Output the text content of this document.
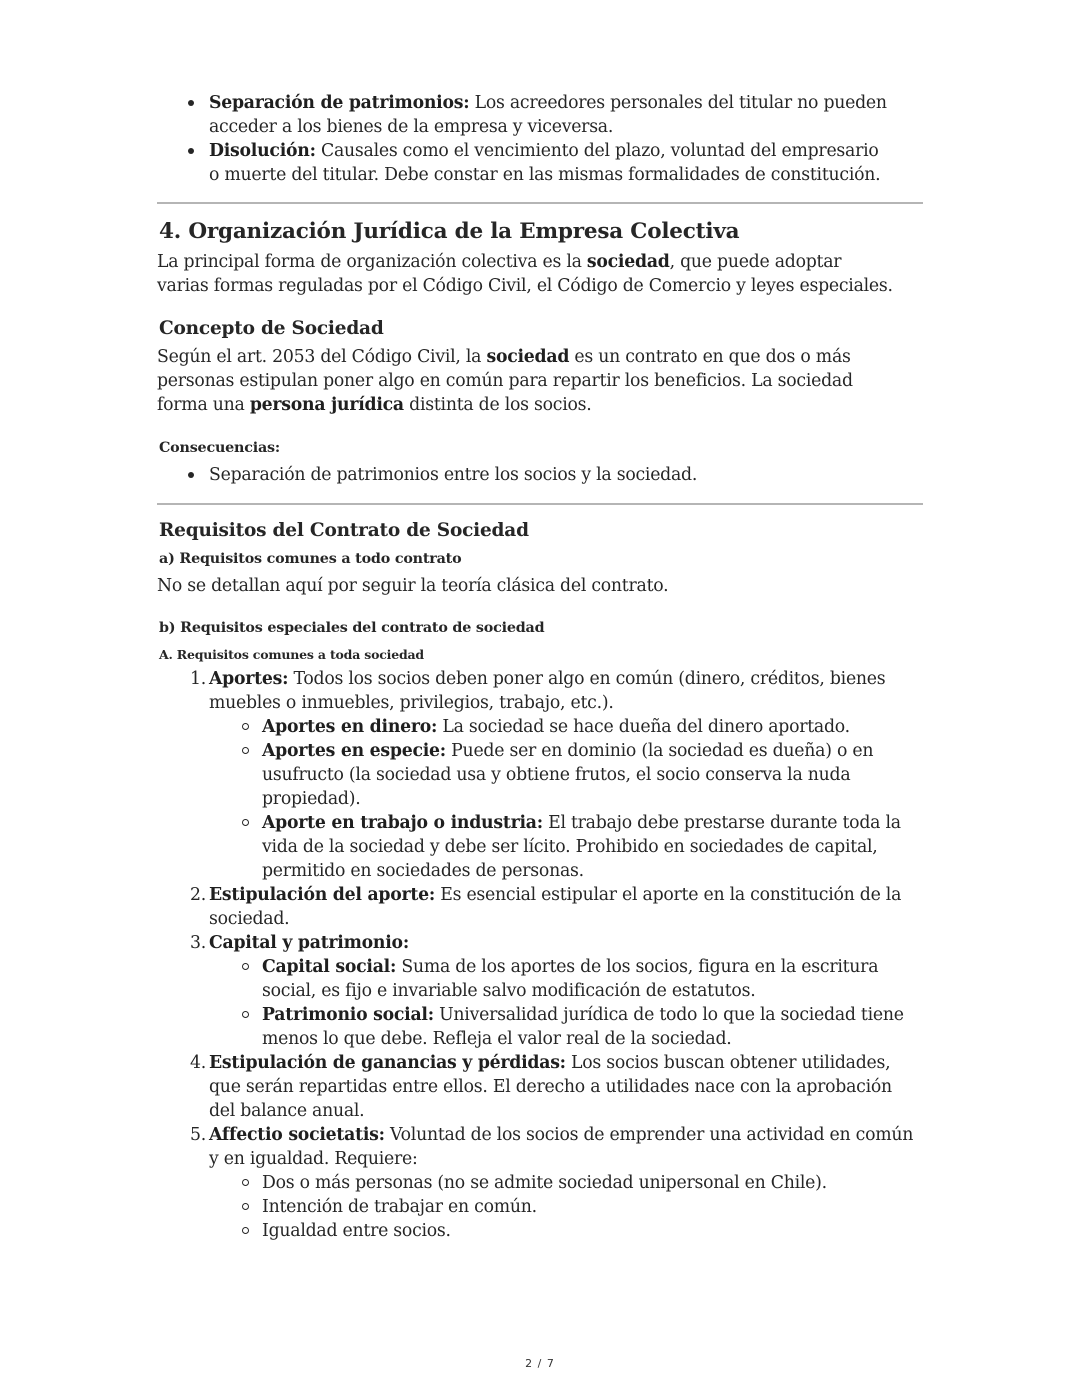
Separación de patrimonios: Los acreedores personales del titular no pueden acceder a los bienes de la empresa y viceversa.
Disolución: Causales como el vencimiento del plazo, voluntad del empresario o muerte del titular. Debe constar en las mismas formalidades de constitución.
4. Organización Jurídica de la Empresa Colectiva

La principal forma de organización colectiva es la sociedad, que puede adoptar varias formas reguladas por el Código Civil, el Código de Comercio y leyes especiales.

Concepto de Sociedad

Según el art. 2053 del Código Civil, la sociedad es un contrato en que dos o más personas estipulan poner algo en común para repartir los beneficios. La sociedad forma una persona jurídica distinta de los socios.

Consecuencias:
Separación de patrimonios entre los socios y la sociedad.
Requisitos del Contrato de Sociedad
a) Requisitos comunes a todo contrato

No se detallan aquí por seguir la teoría clásica del contrato.

b) Requisitos especiales del contrato de sociedad
A. Requisitos comunes a toda sociedad
1. Aportes: Todos los socios deben poner algo en común (dinero, créditos, bienes muebles o inmuebles, privilegios, trabajo, etc.).
Aportes en dinero: La sociedad se hace dueña del dinero aportado.
Aportes en especie: Puede ser en dominio (la sociedad es dueña) o en usufructo (la sociedad usa y obtiene frutos, el socio conserva la nuda propiedad).
Aporte en trabajo o industria: El trabajo debe prestarse durante toda la vida de la sociedad y debe ser lícito. Prohibido en sociedades de capital, permitido en sociedades de personas.
2. Estipulación del aporte: Es esencial estipular el aporte en la constitución de la sociedad.
3. Capital y patrimonio:
Capital social: Suma de los aportes de los socios, figura en la escritura social, es fijo e invariable salvo modificación de estatutos.
Patrimonio social: Universalidad jurídica de todo lo que la sociedad tiene menos lo que debe. Refleja el valor real de la sociedad.
4. Estipulación de ganancias y pérdidas: Los socios buscan obtener utilidades, que serán repartidas entre ellos. El derecho a utilidades nace con la aprobación del balance anual.
5. Affectio societatis: Voluntad de los socios de emprender una actividad en común y en igualdad. Requiere:
Dos o más personas (no se admite sociedad unipersonal en Chile).
Intención de trabajar en común.
Igualdad entre socios.
2 / 7
